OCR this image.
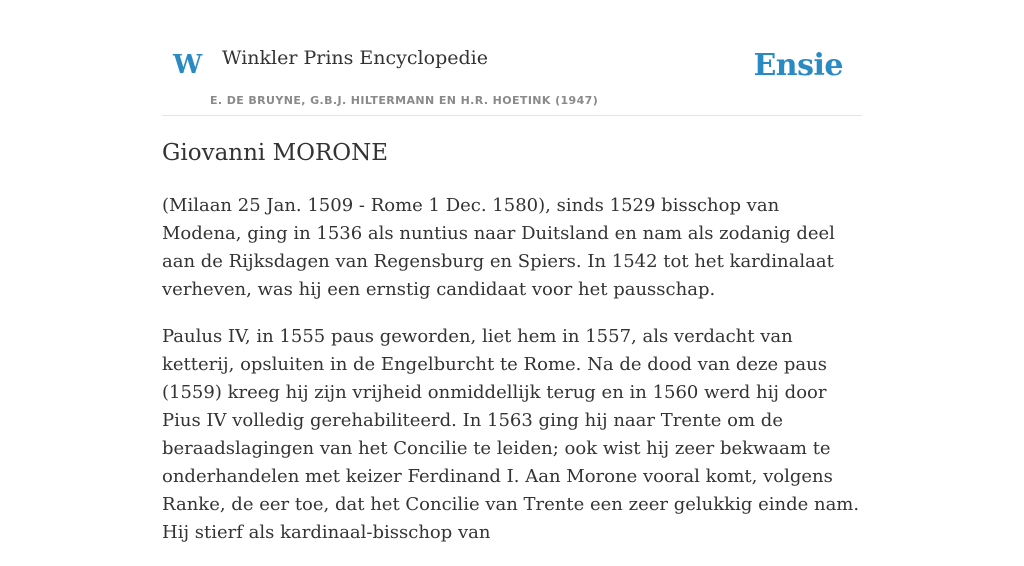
W Winkler Prins Encyclopedie
E. DE BRUYNE, G.B.J. HILTERMANN EN H.R. HOETINK (1947)
Ensie
Giovanni MORONE

(Milaan 25 Jan. 1509 - Rome 1 Dec. 1580), sinds 1529 bisschop van Modena, ging in 1536 als nuntius naar Duitsland en nam als zodanig deel aan de Rijksdagen van Regensburg en Spiers. In 1542 tot het kardinalaat verheven, was hij een ernstig candidaat voor het pausschap.

Paulus IV, in 1555 paus geworden, liet hem in 1557, als verdacht van ketterij, opsluiten in de Engelburcht te Rome. Na de dood van deze paus (1559) kreeg hij zijn vrijheid onmiddellijk terug en in 1560 werd hij door Pius IV volledig gerehabiliteerd. In 1563 ging hij naar Trente om de beraadslagingen van het Concilie te leiden; ook wist hij zeer bekwaam te onderhandelen met keizer Ferdinand I. Aan Morone vooral komt, volgens Ranke, de eer toe, dat het Concilie van Trente een zeer gelukkig einde nam. Hij stierf als kardinaal-bisschop van
